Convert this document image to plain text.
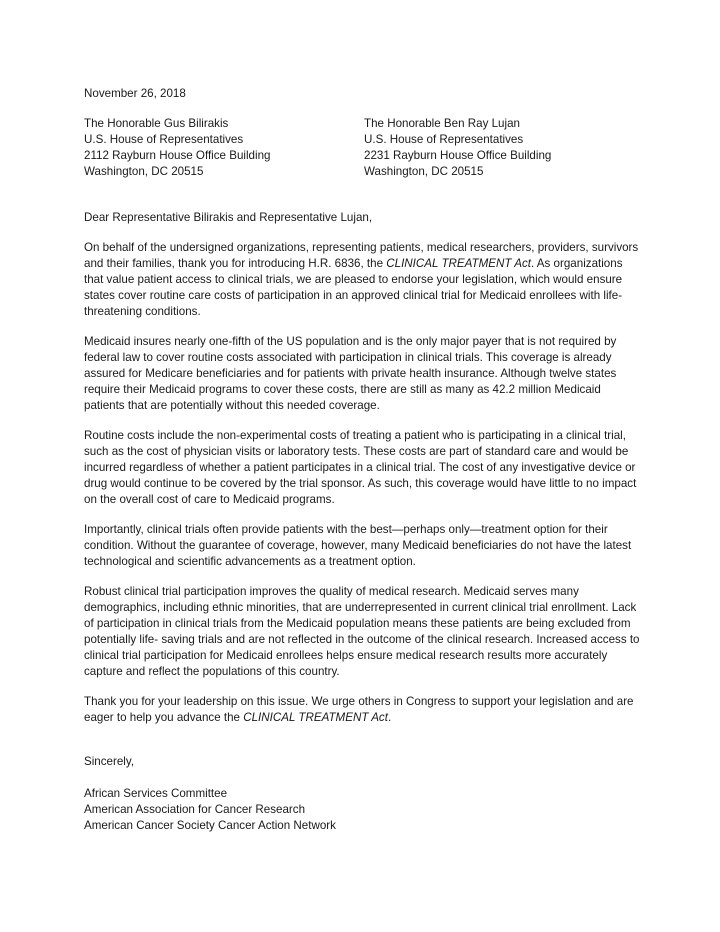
November 26, 2018
The Honorable Gus Bilirakis
U.S. House of Representatives
2112 Rayburn House Office Building
Washington, DC 20515
The Honorable Ben Ray Lujan
U.S. House of Representatives
2231 Rayburn House Office Building
Washington, DC 20515
Dear Representative Bilirakis and Representative Lujan,

On behalf of the undersigned organizations, representing patients, medical researchers, providers, survivors and their families, thank you for introducing H.R. 6836, the CLINICAL TREATMENT Act. As organizations that value patient access to clinical trials, we are pleased to endorse your legislation, which would ensure states cover routine care costs of participation in an approved clinical trial for Medicaid enrollees with life-threatening conditions.

Medicaid insures nearly one-fifth of the US population and is the only major payer that is not required by federal law to cover routine costs associated with participation in clinical trials. This coverage is already assured for Medicare beneficiaries and for patients with private health insurance. Although twelve states require their Medicaid programs to cover these costs, there are still as many as 42.2 million Medicaid patients that are potentially without this needed coverage.

Routine costs include the non-experimental costs of treating a patient who is participating in a clinical trial, such as the cost of physician visits or laboratory tests. These costs are part of standard care and would be incurred regardless of whether a patient participates in a clinical trial. The cost of any investigative device or drug would continue to be covered by the trial sponsor. As such, this coverage would have little to no impact on the overall cost of care to Medicaid programs.

Importantly, clinical trials often provide patients with the best—perhaps only—treatment option for their condition. Without the guarantee of coverage, however, many Medicaid beneficiaries do not have the latest technological and scientific advancements as a treatment option.

Robust clinical trial participation improves the quality of medical research. Medicaid serves many demographics, including ethnic minorities, that are underrepresented in current clinical trial enrollment. Lack of participation in clinical trials from the Medicaid population means these patients are being excluded from potentially life- saving trials and are not reflected in the outcome of the clinical research. Increased access to clinical trial participation for Medicaid enrollees helps ensure medical research results more accurately capture and reflect the populations of this country.

Thank you for your leadership on this issue. We urge others in Congress to support your legislation and are eager to help you advance the CLINICAL TREATMENT Act.

Sincerely,
African Services Committee
American Association for Cancer Research
American Cancer Society Cancer Action Network
